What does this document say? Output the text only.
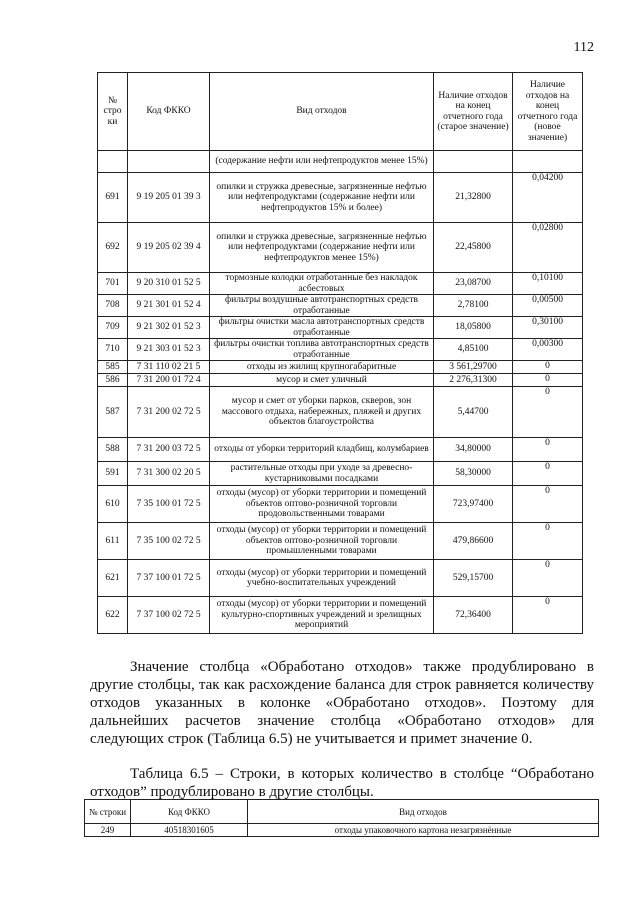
112
№ стро ки	Код ФККО	Вид отходов	Наличие отходов на конец отчетного года (старое значение)	Наличие отходов на конец отчетного года (новое значение)
		(содержание нефти или нефтепродуктов менее 15%)		
691	9 19 205 01 39 3	опилки и стружка древесные, загрязненные нефтью или нефтепродуктами (содержание нефти или нефтепродуктов 15% и более)	21,32800	0,04200
692	9 19 205 02 39 4	опилки и стружка древесные, загрязненные нефтью или нефтепродуктами (содержание нефти или нефтепродуктов менее 15%)	22,45800	0,02800
701	9 20 310 01 52 5	тормозные колодки отработанные без накладок асбестовых	23,08700	0,10100
708	9 21 301 01 52 4	фильтры воздушные автотранспортных средств отработанные	2,78100	0,00500
709	9 21 302 01 52 3	фильтры очистки масла автотранспортных средств отработанные	18,05800	0,30100
710	9 21 303 01 52 3	фильтры очистки топлива автотранспортных средств отработанные	4,85100	0,00300
585	7 31 110 02 21 5	отходы из жилищ крупногабаритные	3 561,29700	0
586	7 31 200 01 72 4	мусор и смет уличный	2 276,31300	0
587	7 31 200 02 72 5	мусор и смет от уборки парков, скверов, зон массового отдыха, набережных, пляжей и других объектов благоустройства	5,44700	0
588	7 31 200 03 72 5	отходы от уборки территорий кладбищ, колумбариев	34,80000	0
591	7 31 300 02 20 5	растительные отходы при уходе за древесно-кустарниковыми посадками	58,30000	0
610	7 35 100 01 72 5	отходы (мусор) от уборки территории и помещений объектов оптово-розничной торговли продовольственными товарами	723,97400	0
611	7 35 100 02 72 5	отходы (мусор) от уборки территории и помещений объектов оптово-розничной торговли промышленными товарами	479,86600	0
621	7 37 100 01 72 5	отходы (мусор) от уборки территории и помещений учебно-воспитательных учреждений	529,15700	0
622	7 37 100 02 72 5	отходы (мусор) от уборки территории и помещений культурно-спортивных учреждений и зрелищных мероприятий	72,36400	0

Значение столбца «Обработано отходов» также продублировано в другие столбцы, так как расхождение баланса для строк равняется количеству отходов указанных в колонке «Обработано отходов». Поэтому для дальнейших расчетов значение столбца «Обработано отходов» для следующих строк (Таблица 6.5) не учитывается и примет значение 0.

Таблица 6.5 – Строки, в которых количество в столбце “Обработано отходов” продублировано в другие столбцы.

№ строки	Код ФККО	Вид отходов
249	40518301605	отходы упаковочного картона незагрязнённые
